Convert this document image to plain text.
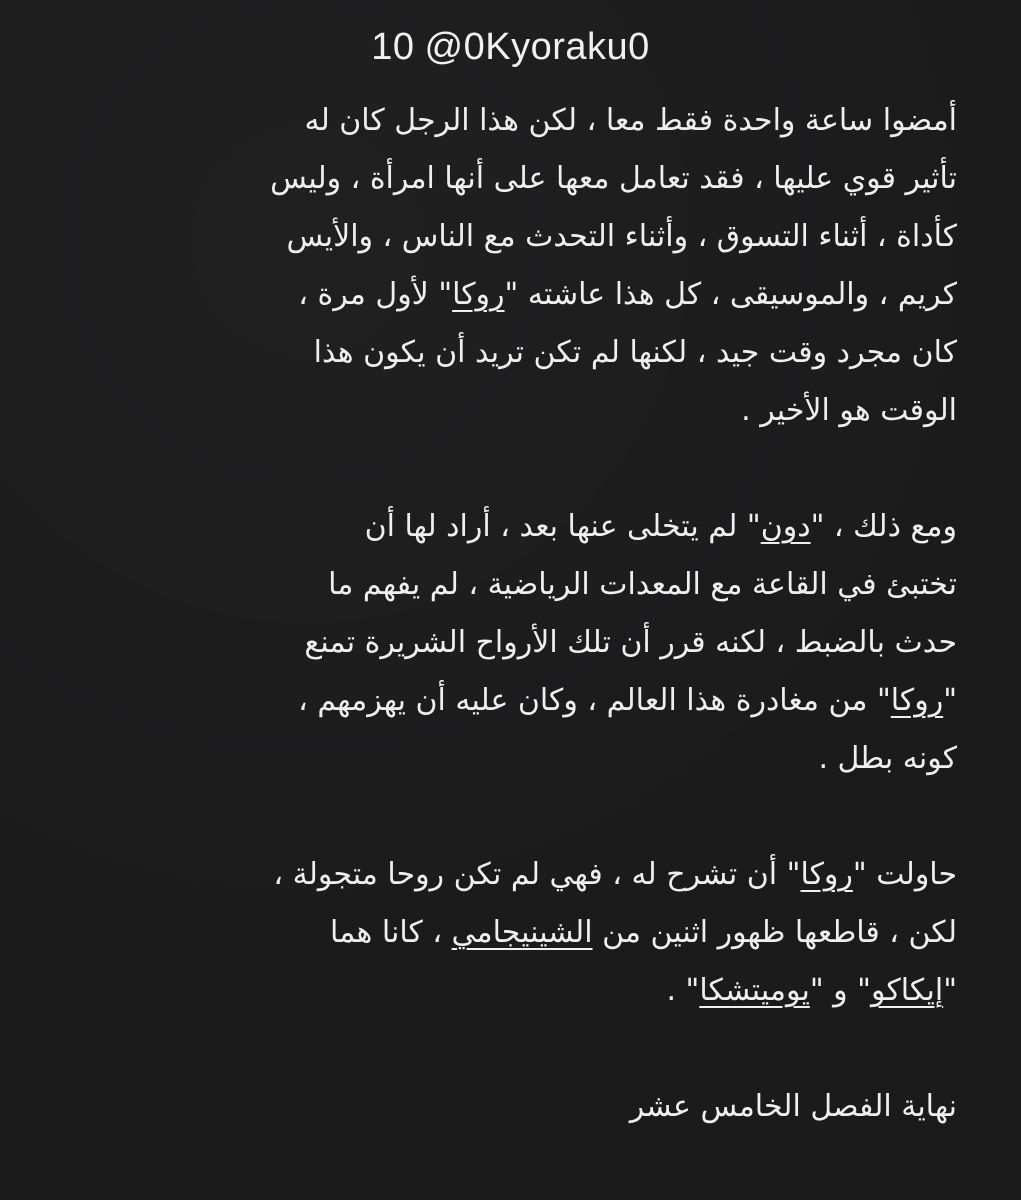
10 @0Kyoraku0
أمضوا ساعة واحدة فقط معا ، لكن هذا الرجل كان له
تأثير قوي عليها ، فقد تعامل معها على أنها امرأة ، وليس
كأداة ، أثناء التسوق ، وأثناء التحدث مع الناس ، والأيس
كريم ، والموسيقى ، كل هذا عاشته "روكا" لأول مرة ،
كان مجرد وقت جيد ، لكنها لم تكن تريد أن يكون هذا
الوقت هو الأخير .
ومع ذلك ، "دون" لم يتخلى عنها بعد ، أراد لها أن
تختبئ في القاعة مع المعدات الرياضية ، لم يفهم ما
حدث بالضبط ، لكنه قرر أن تلك الأرواح الشريرة تمنع
"روكا" من مغادرة هذا العالم ، وكان عليه أن يهزمهم ،
كونه بطل .
حاولت "روكا" أن تشرح له ، فهي لم تكن روحا متجولة ،
لكن ، قاطعها ظهور اثنين من الشينيجامي ، كانا هما
"إيكاكو" و "يوميتشكا" .
نهاية الفصل الخامس عشر
